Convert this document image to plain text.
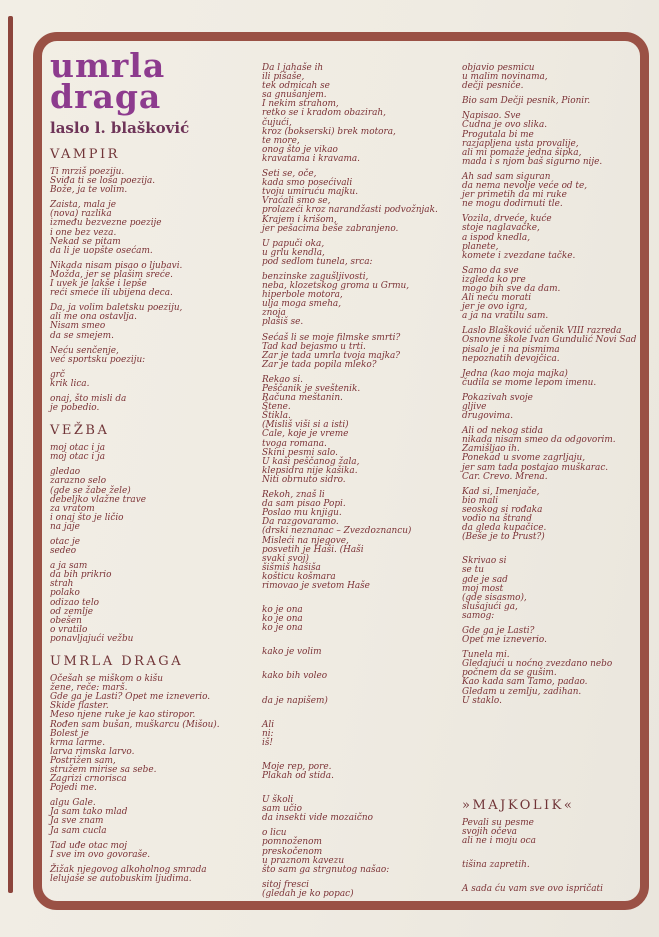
umrla
draga
laslo l. blašković
VAMPIR
Ti mrziš poeziju.
Sviđa ti se loša poezija.
Bože, ja te volim.
Zaista, mala je
(nova) razlika
između bezvezne poezije
i one bez veza.
Nekad se pitam
da li je uopšte osećam.
Nikada nisam pisao o ljubavi.
Možda, jer se plašim sreće.
I uvek je lakše i lepše
reći smeće ili ubijena deca.
Da, ja volim baletsku poeziju,
ali me ona ostavlja.
Nisam smeo
da se smejem.
Neću senčenje,
već sportsku poeziju:
grč
krik lica.
onaj, što misli da
je pobedio.
VEŽBA
moj otac i ja
moj otac i ja
gledao
zarazno selo
(gde se žabe žele)
debeljko vlažne trave
za vratom
i onaj što je ličio
na jaje
otac je
sedeo
a ja sam
da bih prikrio
strah
polako
odizao telo
od zemlje
obešen
o vratilo
ponavljajući vežbu
UMRLA DRAGA
Očešah se miškom o kišu
žene, reče: marš.
Gde ga je Lasti? Opet me izneverio.
Skide flaster.
Meso njene ruke je kao stiropor.
Rođen sam bušan, muškarcu (Mišou).
Bolest je
krma larme.
larva rimska larvo.
Postrižen sam,
stružem mirise sa sebe.
Zagrizi crnorisca
Pojedi me.
algu Gale.
Ja sam tako mlad
Ja sve znam
Ja sam cucla
Tad uđe otac moj
I sve im ovo govoraše.
Žižak njegovog alkoholnog smrada
lelujaše se autobuskim ljudima.
Da l jahaše ih
ili pišaše,
tek odmicah se
sa gnušanjem.
I nekim strahom,
retko se i kradom obazirah,
čujući,
kroz (bokserski) brek motora,
te more,
onog što je vikao
kravatama i kravama.
Seti se, oče,
kada smo posećivali
tvoju umiruću majku.
Vraćali smo se,
prolazeći kroz narandžasti podvožnjak.
Krajem i krišom,
jer pešacima beše zabranjeno.
U papuči oka,
u grlu kendla,
pod sedlom tunela, srca:
benzinske zagušljivosti,
neba, klozetskog groma u Grmu,
hiperbole motora,
ulja moga smeha,
znoja
plašiš se.
Sećaš li se moje filmske smrti?
Tad kad bejasmo u trti.
Zar je tada umrla tvoja majka?
Zar je tada popila mleko?
Rekao si.
Peščanik je sveštenik.
Računa meštanin.
Štene.
Štikla.
(Misliš viši si a isti)
Ćale, koje je vreme
tvoga romana.
Skini pesmi salo.
U kaši peščanog žala,
klepsidra nije kašika.
Niti obrnuto sidro.
Rekoh, znaš li
da sam pisao Popi.
Poslao mu knjigu.
Da razgovaramo.
(drski neznanac – Zvezdoznancu)
Misleći na njegove,
posvetih je Haši. (Haši
svaki svoj)
šišmiš hašiša
košticu košmara
rimovao je svetom Haše
ko je ona
ko je ona
ko je ona
kako je volim
kako bih voleo
da je napišem)
Ali
ni:
iš!
Moje rep, pore.
Plakah od stida.
U školi
sam učio
da insekti vide mozaično
o licu
pomnoženom
preskočenom
u praznom kavezu
što sam ga strgnutog našao:
sitoj fresci
(gledah je ko popac)
objavio pesmicu
u malim novinama,
dečji pesniče.
Bio sam Dečji pesnik, Pionir.
Napisao. Sve
Čudna je ovo slika.
Progutala bi me
razjapljena usta provalije,
ali mi pomaže jedna šipka,
mada i s njom baš sigurno nije.
Ah sad sam siguran
da nema nevolje veće od te,
jer primetih da mi ruke
ne mogu dodirnuti tle.
Vozila, drveće, kuće
stoje naglavačke,
a ispod knedla,
planete,
komete i zvezdane tačke.
Samo da sve
izgleda ko pre
mogo bih sve da dam.
Ali neću morati
jer je ovo igra,
a ja na vratilu sam.
Laslo Blašković učenik VIII razreda
Osnovne škole Ivan Gundulić Novi Sad
pisalo je i na pismima
nepoznatih devojčica.
Jedna (kao moja majka)
čudila se mome lepom imenu.
Pokazivah svoje
gljive
drugovima.
Ali od nekog stida
nikada nisam smeo da odgovorim.
Zamišljao ih.
Ponekad u svome zagrljaju,
jer sam tada postajao muškarac.
Car. Crevo. Mrena.
Kad si, Imenjače,
bio mali
seoskog si rođaka
vodio na štrand
da gleda kupačice.
(Beše je to Prust?)
Skrivao si
se tu
gde je sad
moj most
(gde sisasmo),
slušajući ga,
samog:
Gde ga je Lasti?
Opet me izneverio.
Tunela mi.
Gledajući u noćno zvezdano nebo
počnem da se gušim.
Kao kada sam Tamo, padao.
Gledam u zemlju, zadihan.
U staklo.
»MAJKOLIK«
Pevali su pesme
svojih očeva
ali ne i moju oca
tišina zapretih.
A sada ću vam sve ovo ispričati
